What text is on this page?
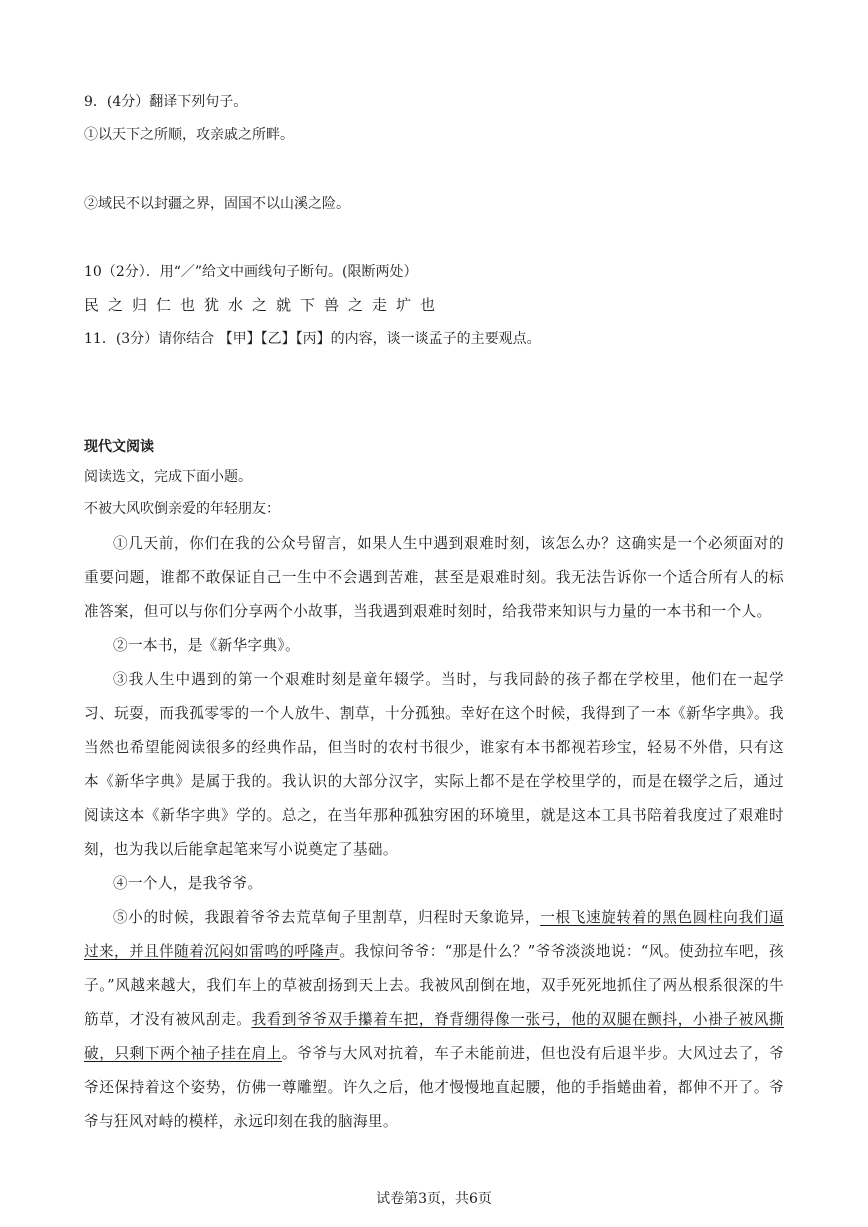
9．(4分）翻译下列句子。
①以天下之所顺，攻亲戚之所畔。
②域民不以封疆之界，固国不以山溪之险。
10（2分）．用“／”给文中画线句子断句。(限断两处）
民之归仁也犹水之就下兽之走圹也
11．(3分）请你结合 【甲】【乙】【丙】的内容，谈一谈孟子的主要观点。
现代文阅读
阅读选文，完成下面小题。
不被大风吹倒亲爱的年轻朋友：
①几天前，你们在我的公众号留言，如果人生中遇到艰难时刻，该怎么办？这确实是一个必须面对的重要问题，谁都不敢保证自己一生中不会遇到苦难，甚至是艰难时刻。我无法告诉你一个适合所有人的标准答案，但可以与你们分享两个小故事，当我遇到艰难时刻时，给我带来知识与力量的一本书和一个人。
②一本书，是《新华字典》。
③我人生中遇到的第一个艰难时刻是童年辍学。当时，与我同龄的孩子都在学校里，他们在一起学习、玩耍，而我孤零零的一个人放牛、割草，十分孤独。幸好在这个时候，我得到了一本《新华字典》。我当然也希望能阅读很多的经典作品，但当时的农村书很少，谁家有本书都视若珍宝，轻易不外借，只有这本《新华字典》是属于我的。我认识的大部分汉字，实际上都不是在学校里学的，而是在辍学之后，通过阅读这本《新华字典》学的。总之，在当年那种孤独穷困的环境里，就是这本工具书陪着我度过了艰难时刻，也为我以后能拿起笔来写小说奠定了基础。
④一个人，是我爷爷。
⑤小的时候，我跟着爷爷去荒草甸子里割草，归程时天象诡异，一根飞速旋转着的黑色圆柱向我们逼过来，并且伴随着沉闷如雷鸣的呼隆声。我惊问爷爷：“那是什么？”爷爷淡淡地说：“风。使劲拉车吧，孩子。”风越来越大，我们车上的草被刮扬到天上去。我被风刮倒在地，双手死死地抓住了两丛根系很深的牛筋草，才没有被风刮走。我看到爷爷双手攥着车把，脊背绷得像一张弓，他的双腿在颤抖，小褂子被风撕破，只剩下两个袖子挂在肩上。爷爷与大风对抗着，车子未能前进，但也没有后退半步。大风过去了，爷爷还保持着这个姿势，仿佛一尊雕塑。许久之后，他才慢慢地直起腰，他的手指蜷曲着，都伸不开了。爷爷与狂风对峙的模样，永远印刻在我的脑海里。
试卷第3页，共6页
